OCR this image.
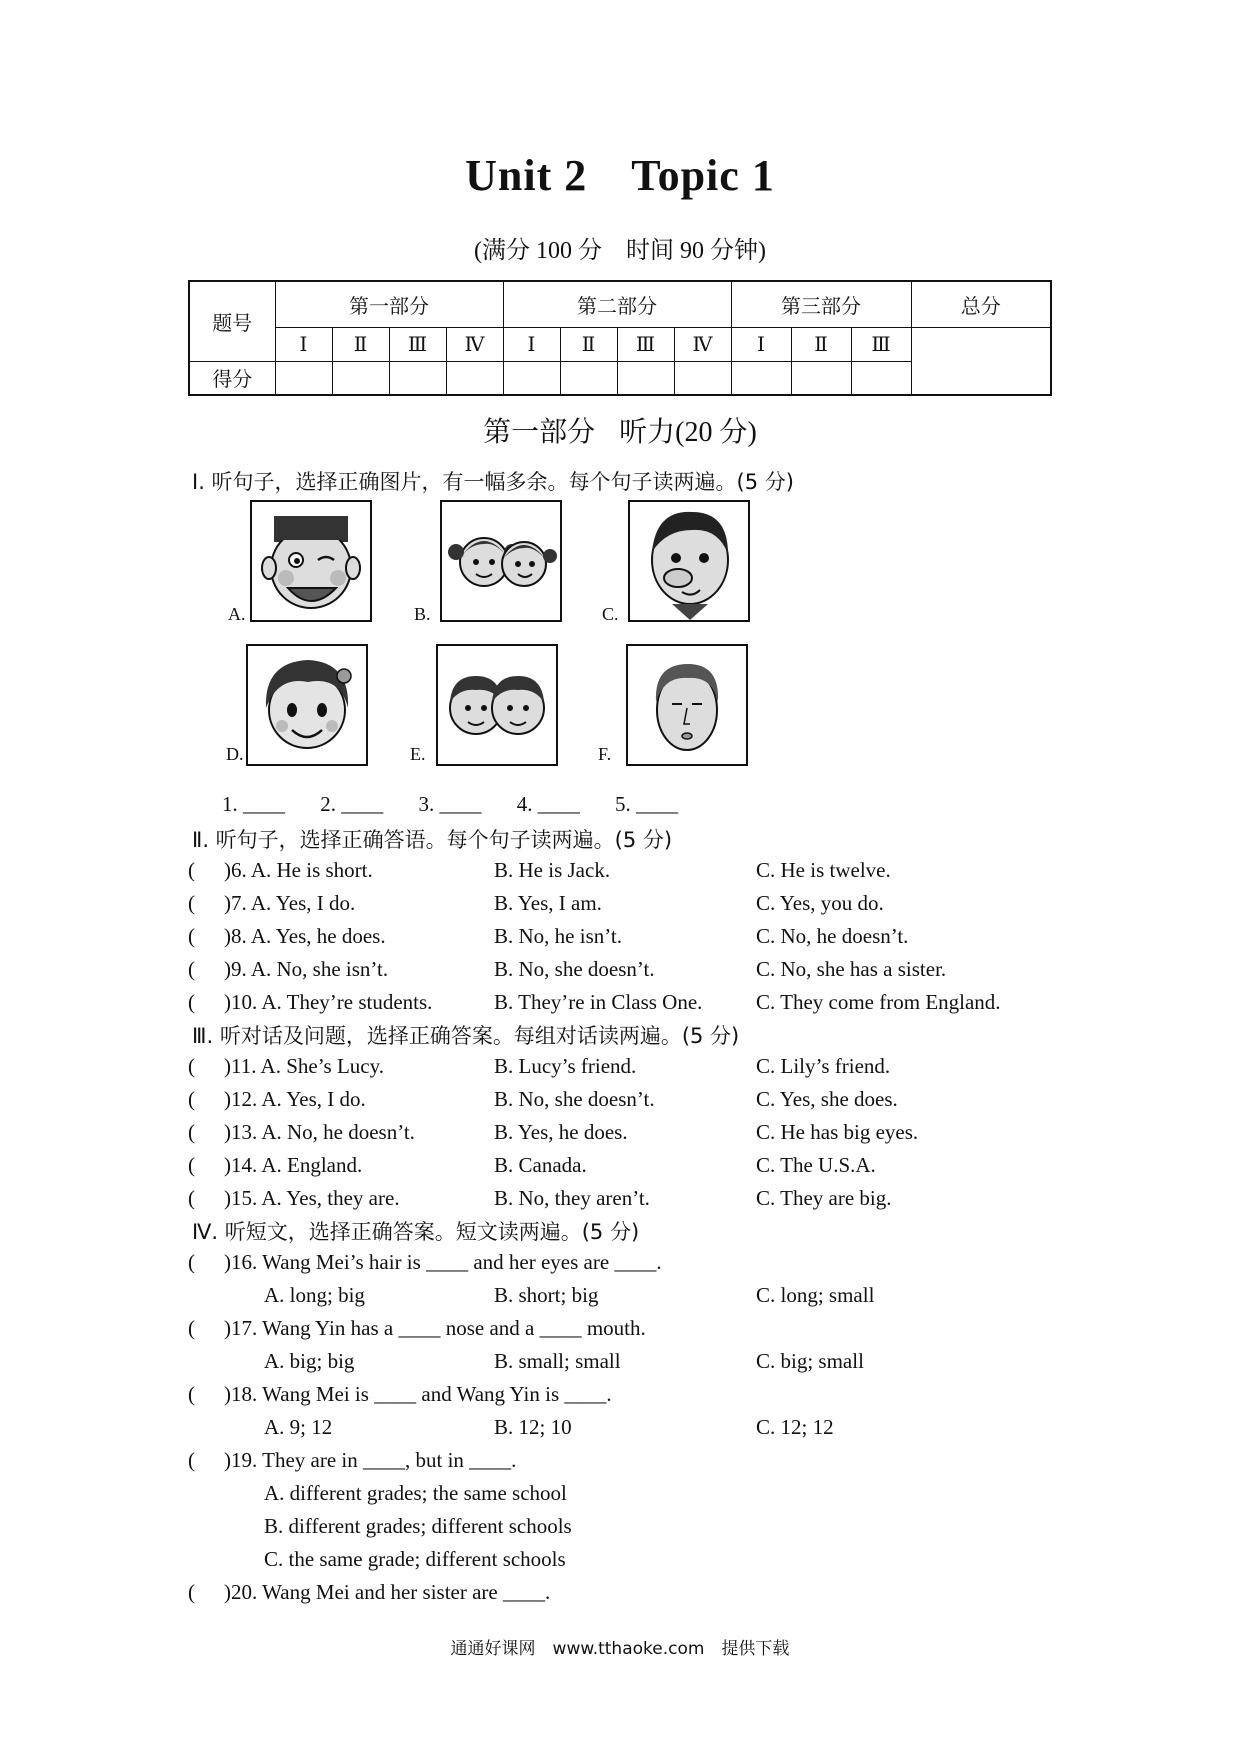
Unit 2 Topic 1
(满分 100 分　时间 90 分钟)
题号	第一部分				第二部分				第三部分			总分
	Ⅰ	Ⅱ	Ⅲ	Ⅳ	Ⅰ	Ⅱ	Ⅲ	Ⅳ	Ⅰ	Ⅱ	Ⅲ	
得分												
第一部分 听力(20 分)
Ⅰ. 听句子，选择正确图片，有一幅多余。每个句子读两遍。(5 分)
A.	B.	C.
D.	E.	F.
1. ____ 2. ____ 3. ____ 4. ____ 5. ____
Ⅱ. 听句子，选择正确答语。每个句子读两遍。(5 分)
( )6. A. He is short.	B. He is Jack.	C. He is twelve.
( )7. A. Yes, I do.	B. Yes, I am.	C. Yes, you do.
( )8. A. Yes, he does.	B. No, he isn’t.	C. No, he doesn’t.
( )9. A. No, she isn’t.	B. No, she doesn’t.	C. No, she has a sister.
( )10. A. They’re students.	B. They’re in Class One.	C. They come from England.
Ⅲ. 听对话及问题，选择正确答案。每组对话读两遍。(5 分)
( )11. A. She’s Lucy.	B. Lucy’s friend.	C. Lily’s friend.
( )12. A. Yes, I do.	B. No, she doesn’t.	C. Yes, she does.
( )13. A. No, he doesn’t.	B. Yes, he does.	C. He has big eyes.
( )14. A. England.	B. Canada.	C. The U.S.A.
( )15. A. Yes, they are.	B. No, they aren’t.	C. They are big.
Ⅳ. 听短文，选择正确答案。短文读两遍。(5 分)
( )16. Wang Mei’s hair is ____ and her eyes are ____.
A. long; big	B. short; big	C. long; small
( )17. Wang Yin has a ____ nose and a ____ mouth.
A. big; big	B. small; small	C. big; small
( )18. Wang Mei is ____ and Wang Yin is ____.
A. 9; 12	B. 12; 10	C. 12; 12
( )19. They are in ____, but in ____.
A. different grades; the same school
B. different grades; different schools
C. the same grade; different schools
( )20. Wang Mei and her sister are ____.
通通好课网　www.tthaoke.com　提供下载
